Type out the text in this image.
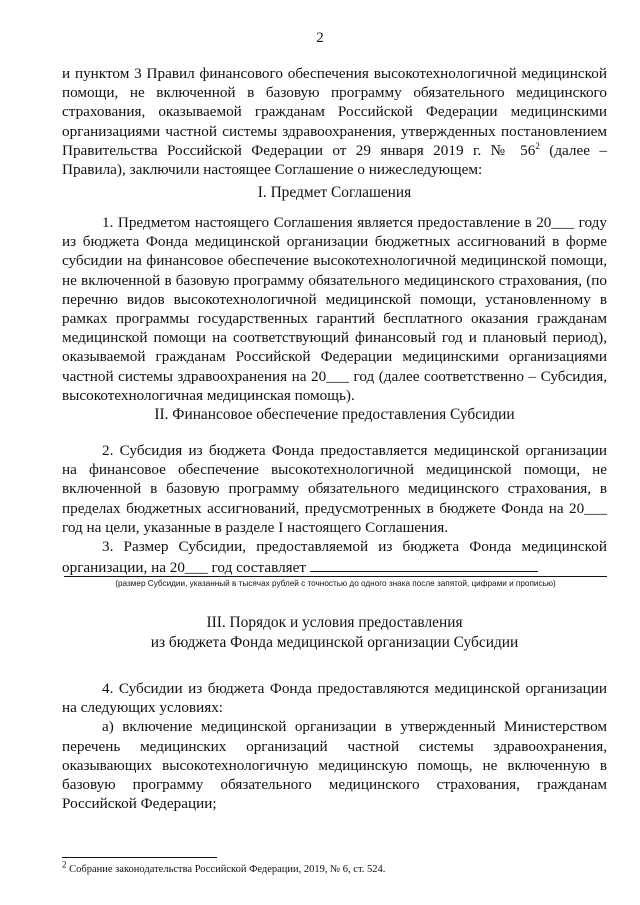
2

и пунктом 3 Правил финансового обеспечения высокотехнологичной медицинской помощи, не включенной в базовую программу обязательного медицинского страхования, оказываемой гражданам Российской Федерации медицинскими организациями частной системы здравоохранения, утвержденных постановлением Правительства Российской Федерации от 29 января 2019 г. № $56^2$ (далее – Правила), заключили настоящее Соглашение о нижеследующем:

I. Предмет Соглашения

1. Предметом настоящего Соглашения является предоставление в 20___ году из бюджета Фонда медицинской организации бюджетных ассигнований в форме субсидии на финансовое обеспечение высокотехнологичной медицинской помощи, не включенной в базовую программу обязательного медицинского страхования, (по перечню видов высокотехнологичной медицинской помощи, установленному в рамках программы государственных гарантий бесплатного оказания гражданам медицинской помощи на соответствующий финансовый год и плановый период), оказываемой гражданам Российской Федерации медицинскими организациями частной системы здравоохранения на 20___ год (далее соответственно – Субсидия, высокотехнологичная медицинская помощь).

II. Финансовое обеспечение предоставления Субсидии

2. Субсидия из бюджета Фонда предоставляется медицинской организации на финансовое обеспечение высокотехнологичной медицинской помощи, не включенной в базовую программу обязательного медицинского страхования, в пределах бюджетных ассигнований, предусмотренных в бюджете Фонда на 20___ год на цели, указанные в разделе I настоящего Соглашения.

3. Размер Субсидии, предоставляемой из бюджета Фонда медицинской организации, на 20___ год составляет

(размер Субсидии, указанный в тысячах рублей с точностью до одного знака после запятой, цифрами и прописью)
III. Порядок и условия предоставления
из бюджета Фонда медицинской организации Субсидии

4. Субсидии из бюджета Фонда предоставляются медицинской организации на следующих условиях:

а) включение медицинской организации в утвержденный Министерством перечень медицинских организаций частной системы здравоохранения, оказывающих высокотехнологичную медицинскую помощь, не включенную в базовую программу обязательного медицинского страхования, гражданам Российской Федерации;

$^2$ Собрание законодательства Российской Федерации, 2019, № 6, ст. 524.
